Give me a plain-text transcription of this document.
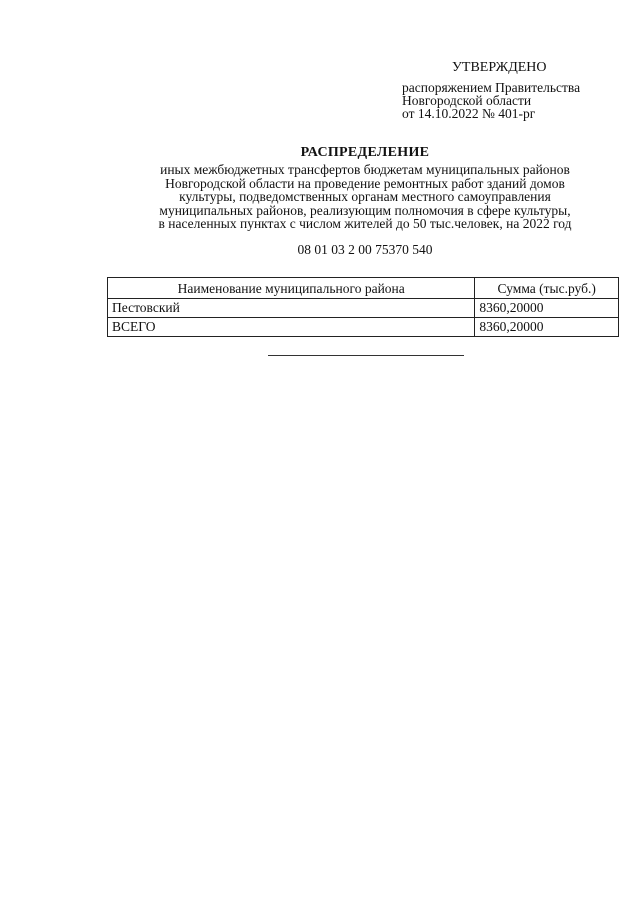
УТВЕРЖДЕНО
распоряжением Правительства
Новгородской области
от 14.10.2022 № 401-рг
РАСПРЕДЕЛЕНИЕ
иных межбюджетных трансфертов бюджетам муниципальных районов
Новгородской области на проведение ремонтных работ зданий домов
культуры, подведомственных органам местного самоуправления
муниципальных районов, реализующим полномочия в сфере культуры,
в населенных пунктах с числом жителей до 50 тыс.человек, на 2022 год
08 01 03 2 00 75370 540
Наименование муниципального района	Сумма (тыс.руб.)
Пестовский	8360,20000
ВСЕГО	8360,20000
